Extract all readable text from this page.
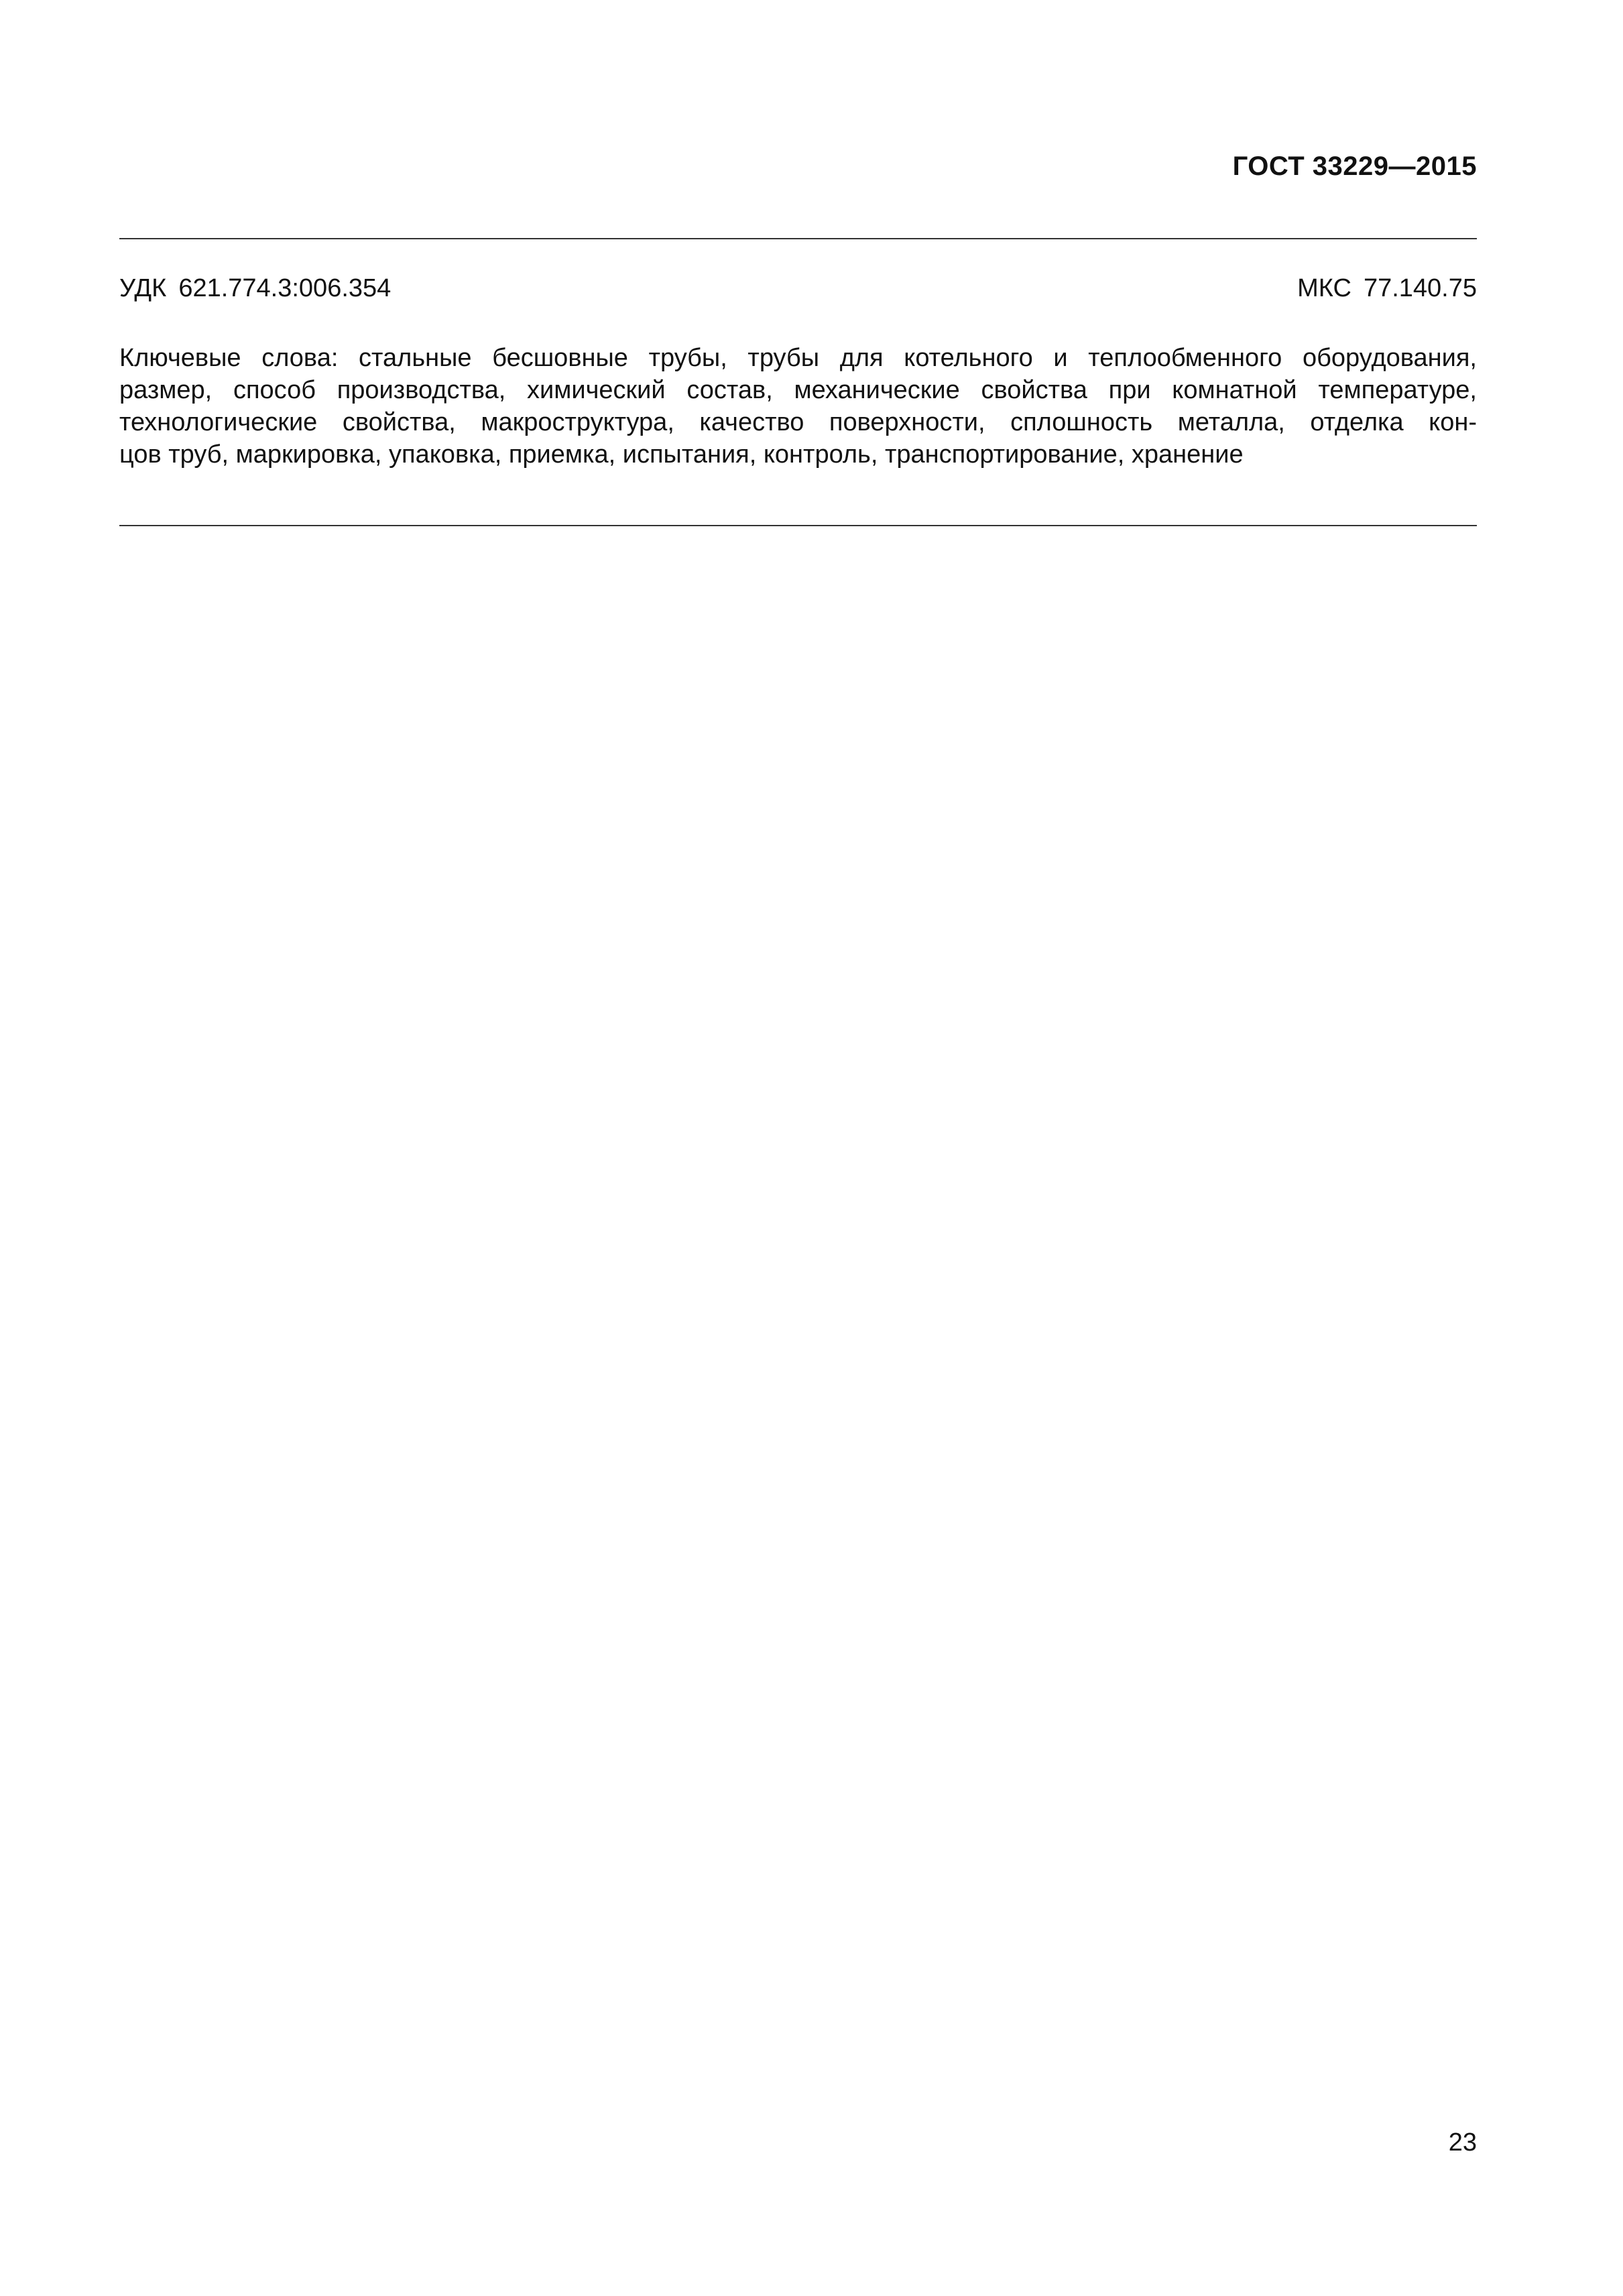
ГОСТ 33229—2015
УДК 621.774.3:006.354	МКС 77.140.75
Ключевые слова: стальные бесшовные трубы, трубы для котельного и теплообменного оборудования,
размер, способ производства, химический состав, механические свойства при комнатной температуре,
технологические свойства, макроструктура, качество поверхности, сплошность металла, отделка кон-
цов труб, маркировка, упаковка, приемка, испытания, контроль, транспортирование, хранение
23
